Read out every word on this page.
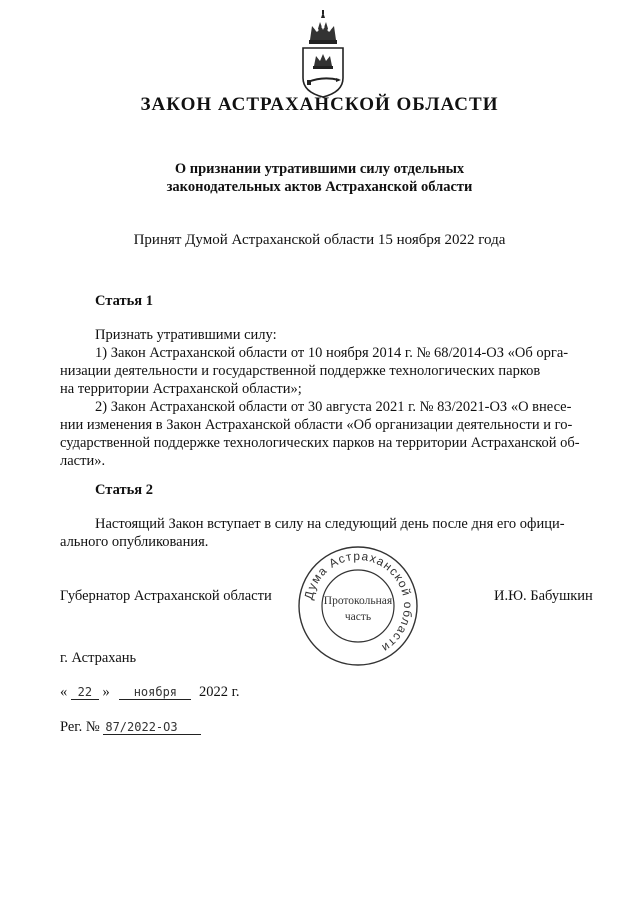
ЗАКОН АСТРАХАНСКОЙ ОБЛАСТИ
О признании утратившими силу отдельных
законодательных актов Астраханской области
Принят Думой Астраханской области 15 ноября 2022 года
Статья 1
Признать утратившими силу:
1) Закон Астраханской области от 10 ноября 2014 г. № 68/2014-ОЗ «Об орга-
низации деятельности и государственной поддержке технологических парков
на территории Астраханской области»;
2) Закон Астраханской области от 30 августа 2021 г. № 83/2021-ОЗ «О внесе-
нии изменения в Закон Астраханской области «Об организации деятельности и го-
сударственной поддержке технологических парков на территории Астраханской об-
ласти».
Статья 2
Настоящий Закон вступает в силу на следующий день после дня его офици-
ального опубликования.
Губернатор Астраханской области	И.Ю. Бабушкин
Дума Астраханской области
Протокольная
часть
г. Астрахань
« 22 » ноября 2022 г.
Рег. № 87/2022-ОЗ
